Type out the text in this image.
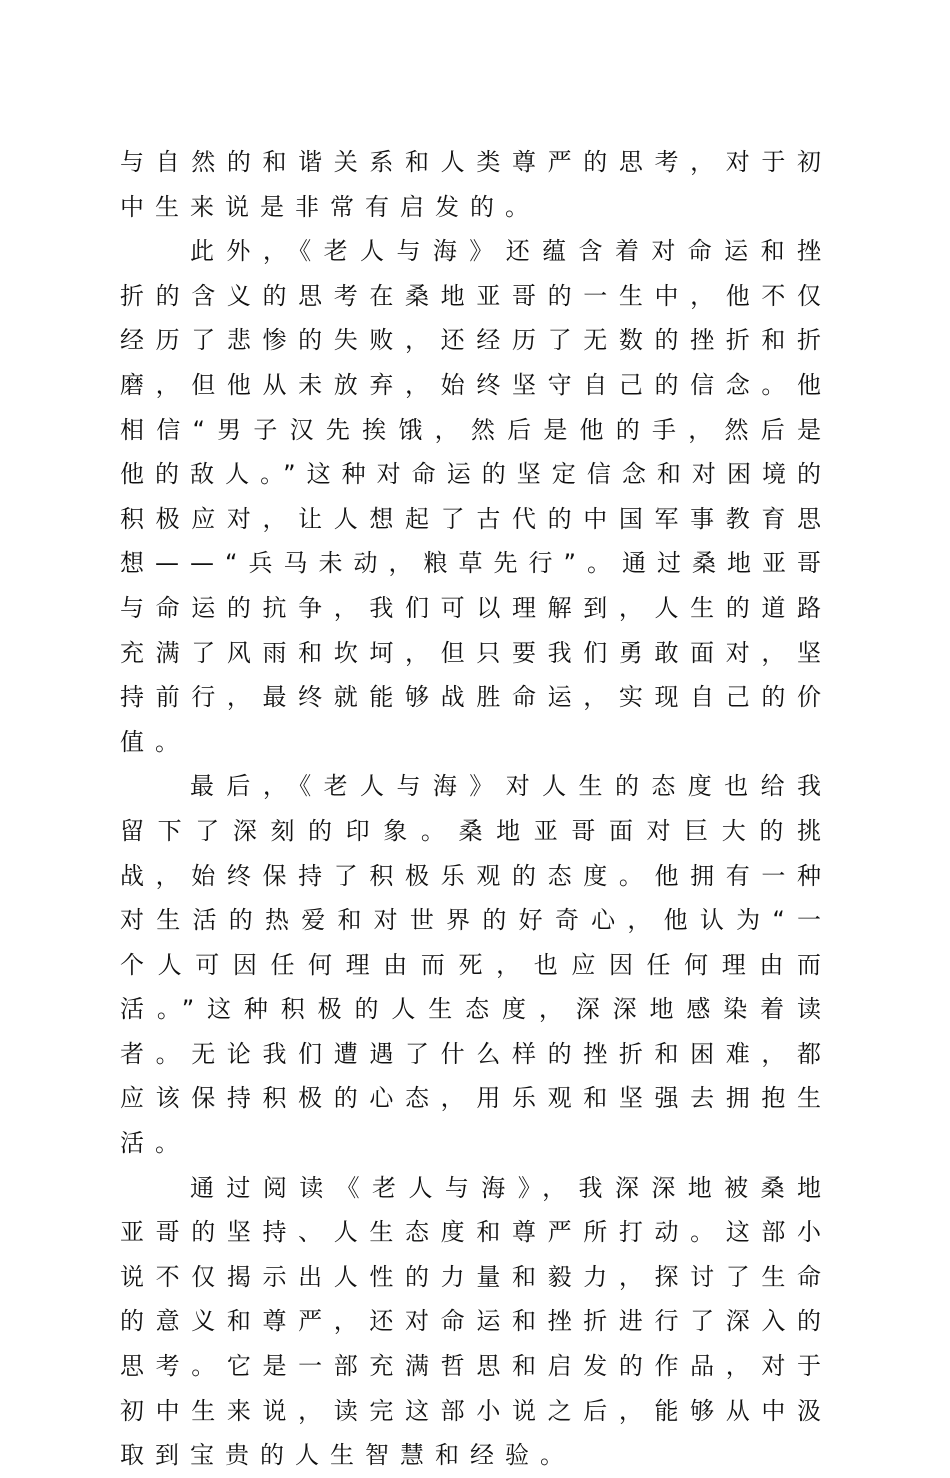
与自然的和谐关系和人类尊严的思考，对于初中生来说是非常有启发的。

此外，《老人与海》还蕴含着对命运和挫折的含义的思考在桑地亚哥的一生中，他不仅经历了悲惨的失败，还经历了无数的挫折和折磨，但他从未放弃，始终坚守自己的信念。他相信“男子汉先挨饿，然后是他的手，然后是他的敌人。”这种对命运的坚定信念和对困境的积极应对，让人想起了古代的中国军事教育思想——“兵马未动，粮草先行”。通过桑地亚哥与命运的抗争，我们可以理解到，人生的道路充满了风雨和坎坷，但只要我们勇敢面对，坚持前行，最终就能够战胜命运，实现自己的价值。

最后，《老人与海》对人生的态度也给我留下了深刻的印象。桑地亚哥面对巨大的挑战，始终保持了积极乐观的态度。他拥有一种对生活的热爱和对世界的好奇心，他认为“一个人可因任何理由而死，也应因任何理由而活。”这种积极的人生态度，深深地感染着读者。无论我们遭遇了什么样的挫折和困难，都应该保持积极的心态，用乐观和坚强去拥抱生活。

通过阅读《老人与海》，我深深地被桑地亚哥的坚持、人生态度和尊严所打动。这部小说不仅揭示出人性的力量和毅力，探讨了生命的意义和尊严，还对命运和挫折进行了深入的思考。它是一部充满哲思和启发的作品，对于初中生来说，读完这部小说之后，能够从中汲取到宝贵的人生智慧和经验。
